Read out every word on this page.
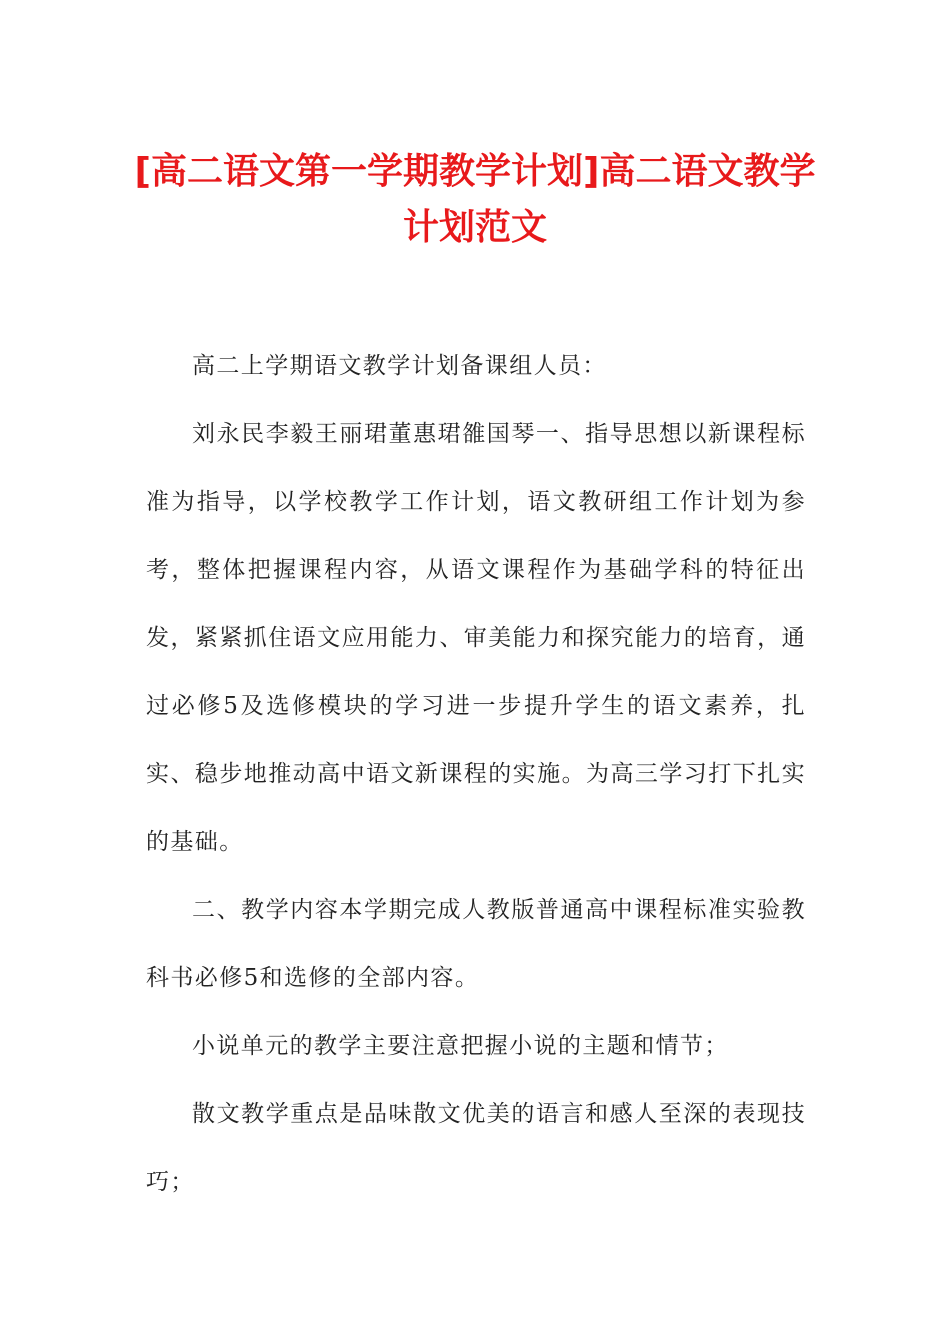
[高二语文第一学期教学计划]高二语文教学
计划范文

高二上学期语文教学计划备课组人员：

刘永民李毅王丽珺董惠珺雒国琴一、指导思想以新课程标准为指导，以学校教学工作计划，语文教研组工作计划为参考，整体把握课程内容，从语文课程作为基础学科的特征出发，紧紧抓住语文应用能力、审美能力和探究能力的培育，通过必修5及选修模块的学习进一步提升学生的语文素养，扎实、稳步地推动高中语文新课程的实施。为高三学习打下扎实的基础。

二、教学内容本学期完成人教版普通高中课程标准实验教科书必修5和选修的全部内容。

小说单元的教学主要注意把握小说的主题和情节；

散文教学重点是品味散文优美的语言和感人至深的表现技巧；
